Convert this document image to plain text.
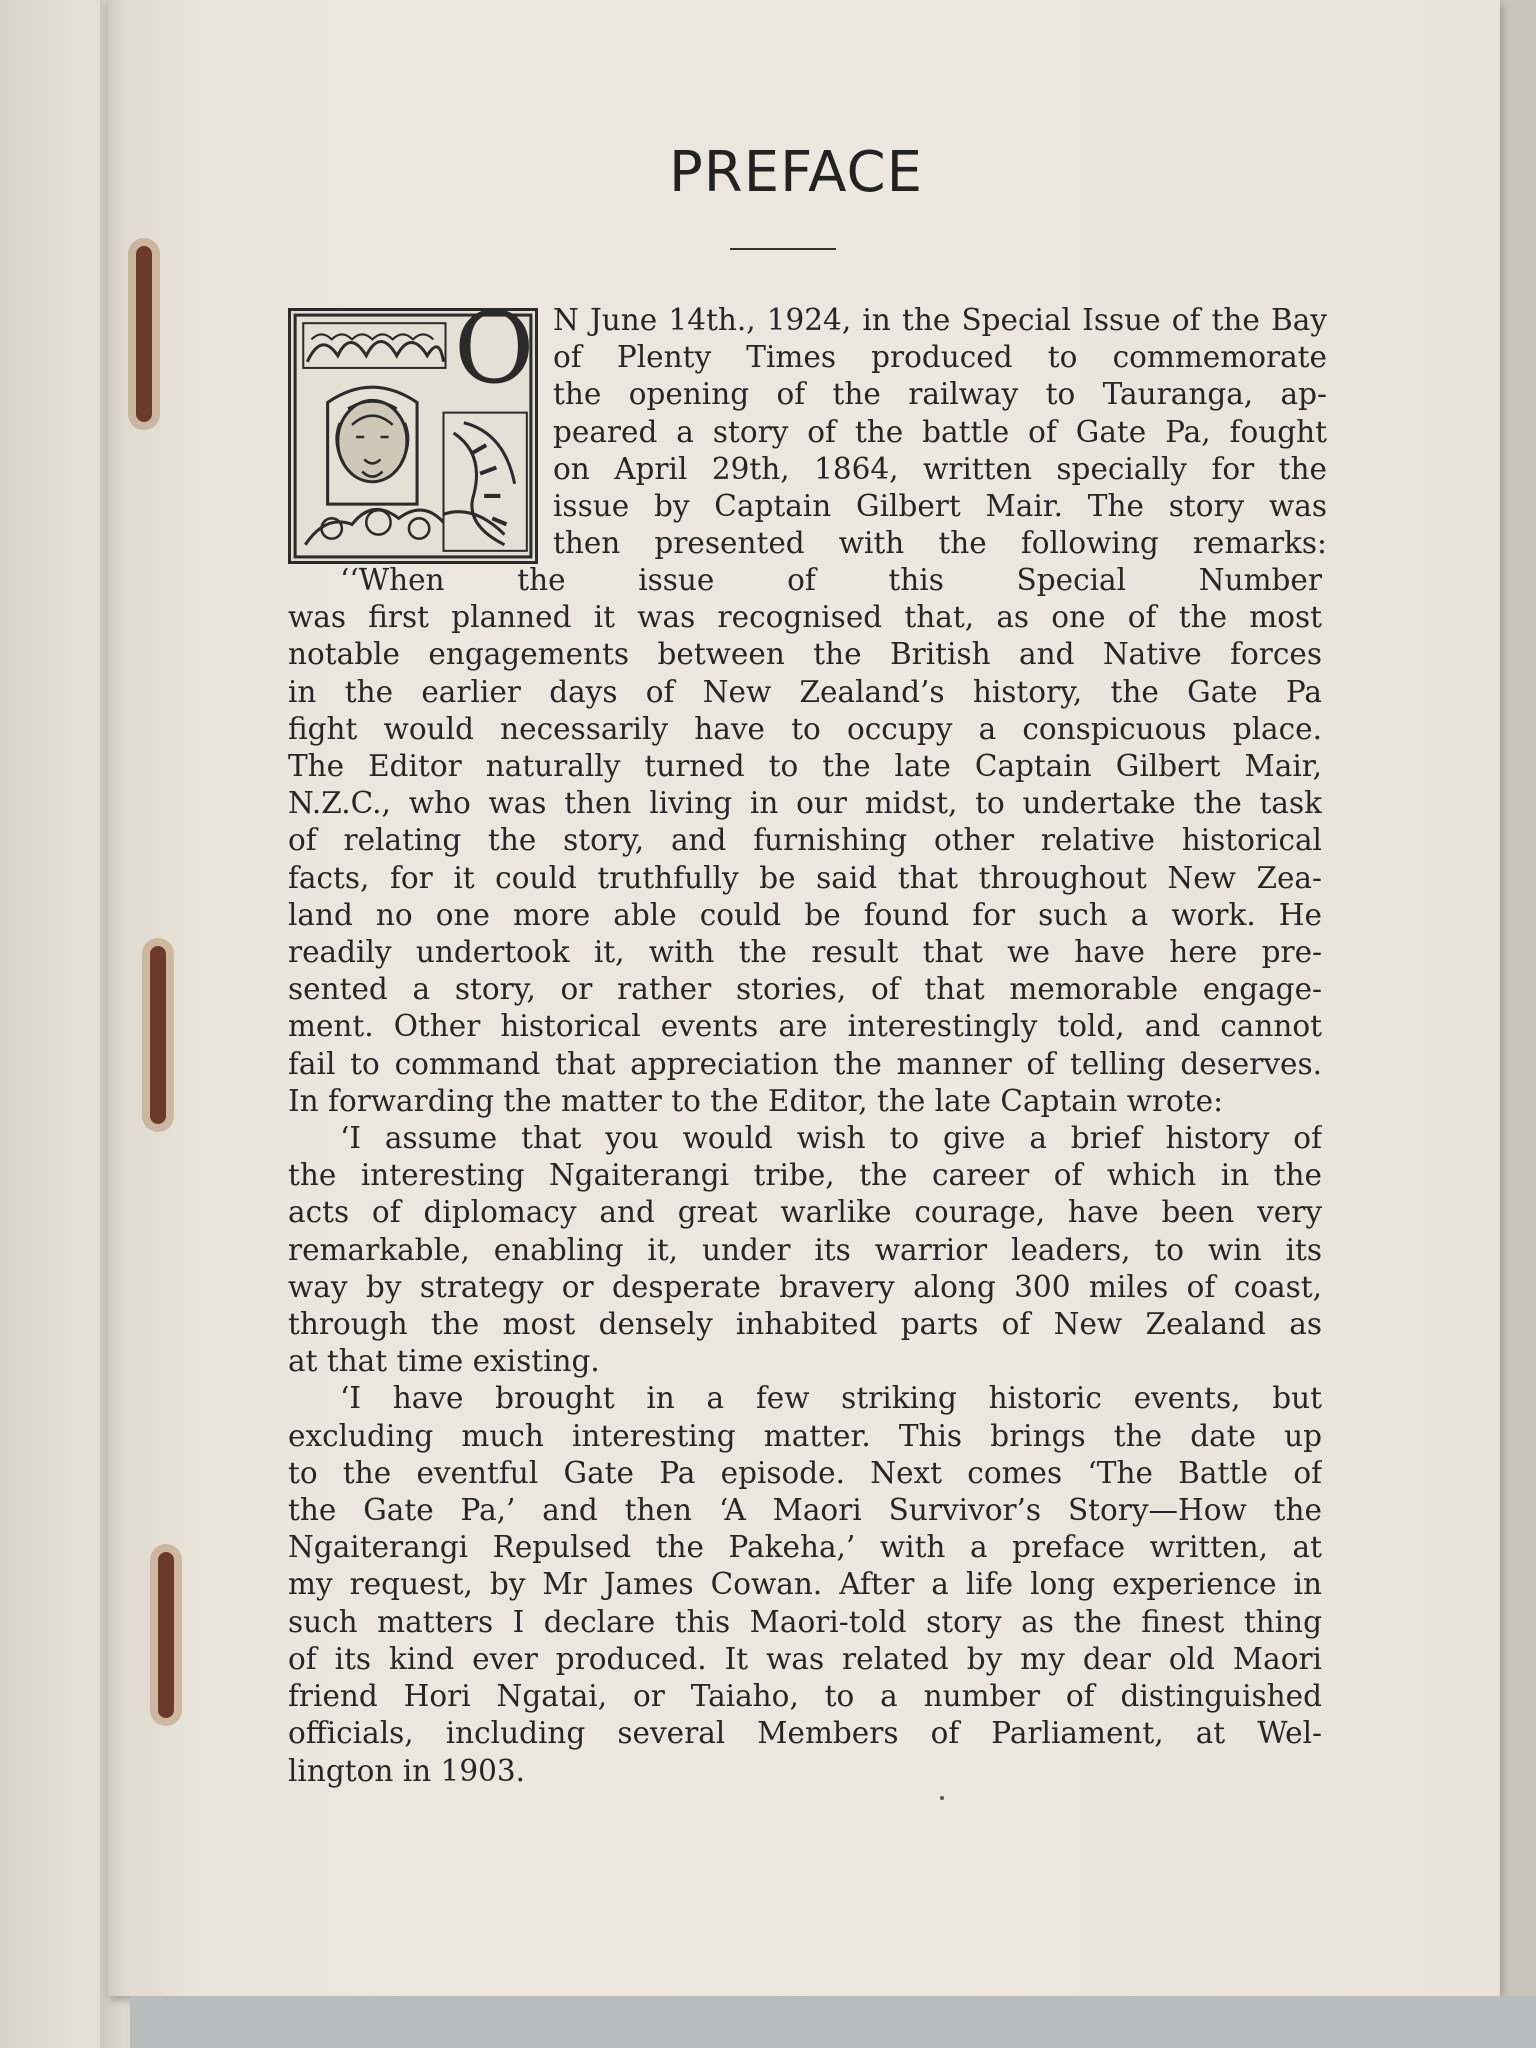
PREFACE
O N June 14th., 1924, in the Special Issue of the Bay
of Plenty Times produced to commemorate
the opening of the railway to Tauranga, ap-
peared a story of the battle of Gate Pa, fought
on April 29th, 1864, written specially for the
issue by Captain Gilbert Mair. The story was
then presented with the following remarks:
‘‘When the issue of this Special Number
was first planned it was recognised that, as one of the most
notable engagements between the British and Native forces
in the earlier days of New Zealand’s history, the Gate Pa
fight would necessarily have to occupy a conspicuous place.
The Editor naturally turned to the late Captain Gilbert Mair,
N.Z.C., who was then living in our midst, to undertake the task
of relating the story, and furnishing other relative historical
facts, for it could truthfully be said that throughout New Zea-
land no one more able could be found for such a work. He
readily undertook it, with the result that we have here pre-
sented a story, or rather stories, of that memorable engage-
ment. Other historical events are interestingly told, and cannot
fail to command that appreciation the manner of telling deserves.
In forwarding the matter to the Editor, the late Captain wrote:
‘I assume that you would wish to give a brief history of
the interesting Ngaiterangi tribe, the career of which in the
acts of diplomacy and great warlike courage, have been very
remarkable, enabling it, under its warrior leaders, to win its
way by strategy or desperate bravery along 300 miles of coast,
through the most densely inhabited parts of New Zealand as
at that time existing.
‘I have brought in a few striking historic events, but
excluding much interesting matter. This brings the date up
to the eventful Gate Pa episode. Next comes ‘The Battle of
the Gate Pa,’ and then ‘A Maori Survivor’s Story—How the
Ngaiterangi Repulsed the Pakeha,’ with a preface written, at
my request, by Mr James Cowan. After a life long experience in
such matters I declare this Maori-told story as the finest thing
of its kind ever produced. It was related by my dear old Maori
friend Hori Ngatai, or Taiaho, to a number of distinguished
officials, including several Members of Parliament, at Wel-
lington in 1903.
